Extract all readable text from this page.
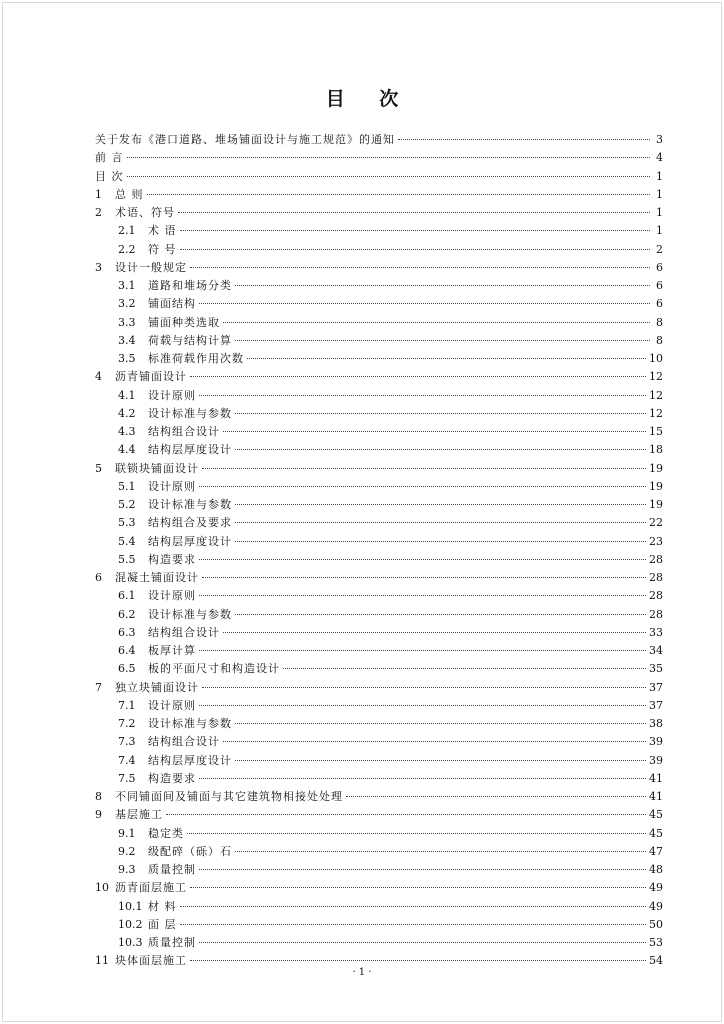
目 次
关于发布《港口道路、堆场铺面设计与施工规范》的通知	3
前 言	4
目 次	1
1	总 则	1
2	术语、符号	1
2.1	术 语	1
2.2	符 号	2
3	设计一般规定	6
3.1	道路和堆场分类	6
3.2	铺面结构	6
3.3	铺面种类选取	8
3.4	荷载与结构计算	8
3.5	标准荷载作用次数	10
4	沥青铺面设计	12
4.1	设计原则	12
4.2	设计标准与参数	12
4.3	结构组合设计	15
4.4	结构层厚度设计	18
5	联锁块铺面设计	19
5.1	设计原则	19
5.2	设计标准与参数	19
5.3	结构组合及要求	22
5.4	结构层厚度设计	23
5.5	构造要求	28
6	混凝土铺面设计	28
6.1	设计原则	28
6.2	设计标准与参数	28
6.3	结构组合设计	33
6.4	板厚计算	34
6.5	板的平面尺寸和构造设计	35
7	独立块铺面设计	37
7.1	设计原则	37
7.2	设计标准与参数	38
7.3	结构组合设计	39
7.4	结构层厚度设计	39
7.5	构造要求	41
8	不同铺面间及铺面与其它建筑物相接处处理	41
9	基层施工	45
9.1	稳定类	45
9.2	级配碎（砾）石	47
9.3	质量控制	48
10 沥青面层施工	49
10.1 材 料	49
10.2 面 层	50
10.3 质量控制	53
11 块体面层施工	54
· 1 ·
